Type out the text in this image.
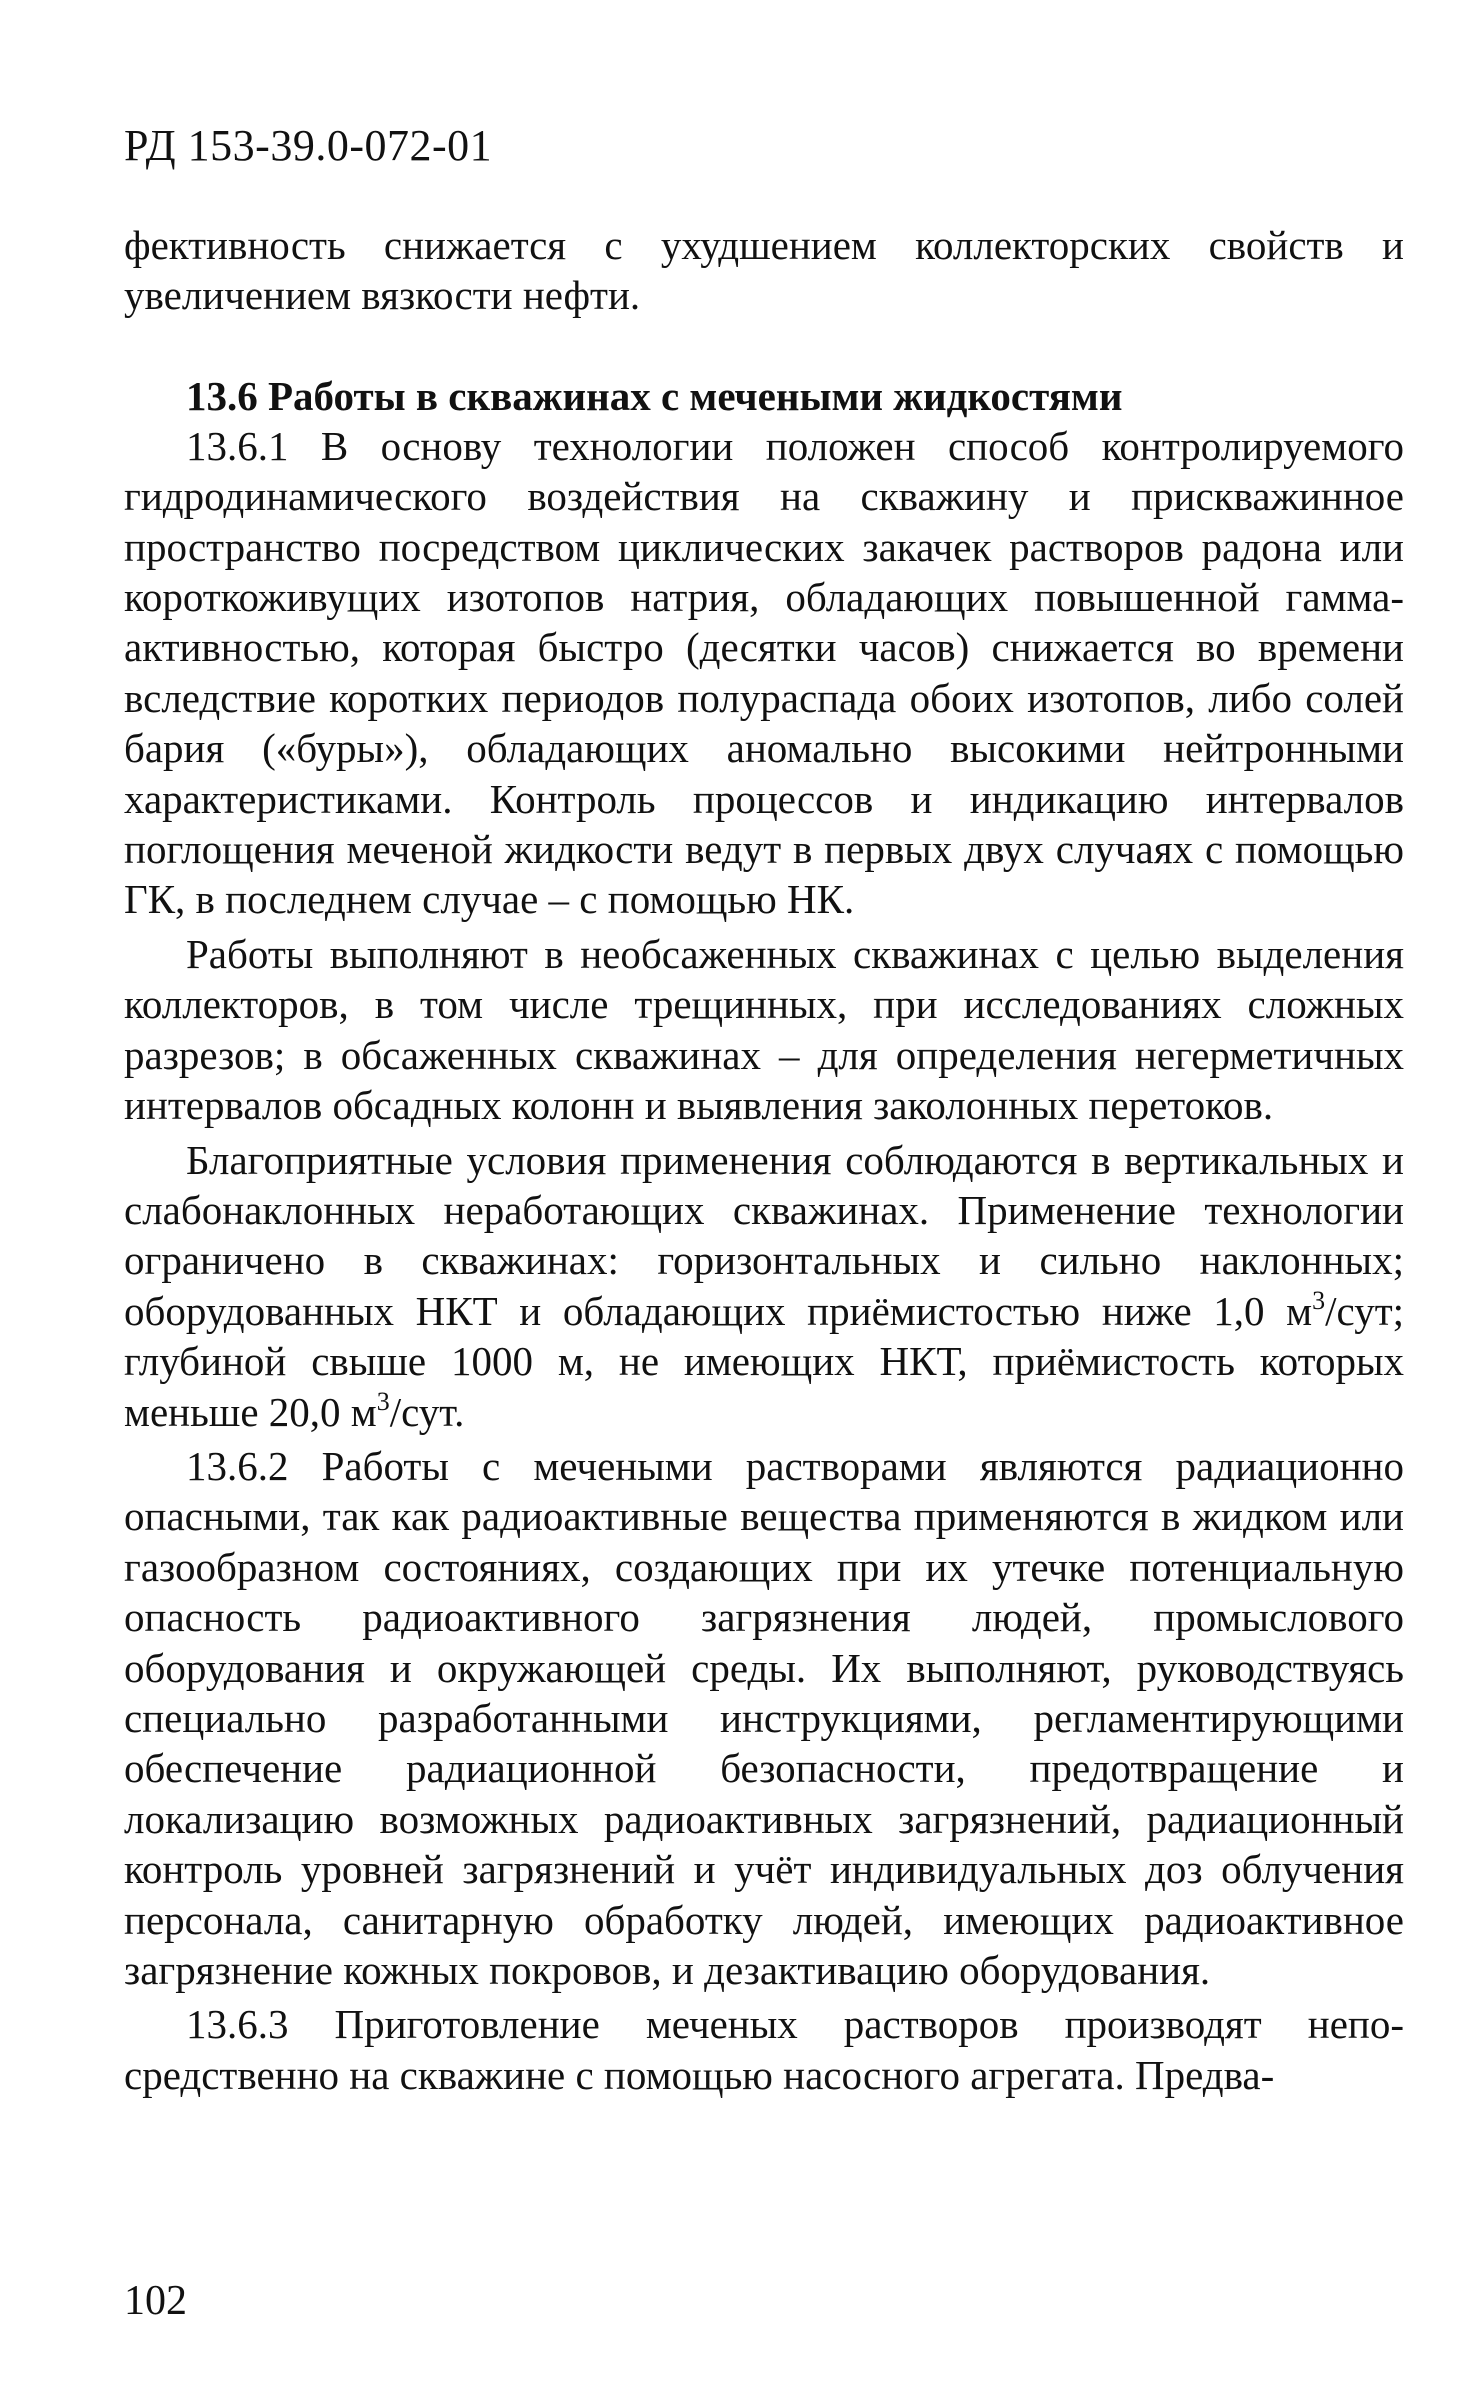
РД 153-39.0-072-01

фективность снижается с ухудшением коллекторских свойств и увеличением вязкости нефти.

13.6 Работы в скважинах с мечеными жидкостями

13.6.1 В основу технологии положен способ контролируемого гидродинамического воздействия на скважину и прискважинное пространство посредством циклических закачек растворов радона или короткоживущих изотопов натрия, обладающих повышенной гамма-активностью, которая быстро (десятки часов) снижается во времени вследствие коротких периодов полураспада обоих изотопов, либо солей бария («буры»), обладающих аномально высокими нейтронными характеристиками. Контроль процессов и индикацию интервалов поглощения меченой жидкости ведут в первых двух случаях с помощью ГК, в последнем случае – с помощью НК.

Работы выполняют в необсаженных скважинах с целью выделения коллекторов, в том числе трещинных, при исследованиях сложных разрезов; в обсаженных скважинах – для определения негерметичных интервалов обсадных колонн и выявления заколонных перетоков.

Благоприятные условия применения соблюдаются в вертикальных и слабонаклонных неработающих скважинах. Применение технологии ограничено в скважинах: горизонтальных и сильно наклонных; оборудованных НКТ и обладающих приёмистостью ниже 1,0 $м^3$/сут; глубиной свыше 1000 м, не имеющих НКТ, приёмистость которых меньше 20,0 $м^3$/сут.

13.6.2 Работы с мечеными растворами являются радиационно опасными, так как радиоактивные вещества применяются в жидком или газообразном состояниях, создающих при их утечке потенциальную опасность радиоактивного загрязнения людей, промыслового оборудования и окружающей среды. Их выполняют, руководствуясь специально разработанными инструкциями, регламентирующими обеспечение радиационной безопасности, предотвращение и локализацию возможных радиоактивных загрязнений, радиационный контроль уровней загрязнений и учёт индивидуальных доз облучения персонала, санитарную обработку людей, имеющих радиоактивное загрязнение кожных покровов, и дезактивацию оборудования.

13.6.3 Приготовление меченых растворов производят непосредственно на скважине с помощью насосного агрегата. Предва-

102
